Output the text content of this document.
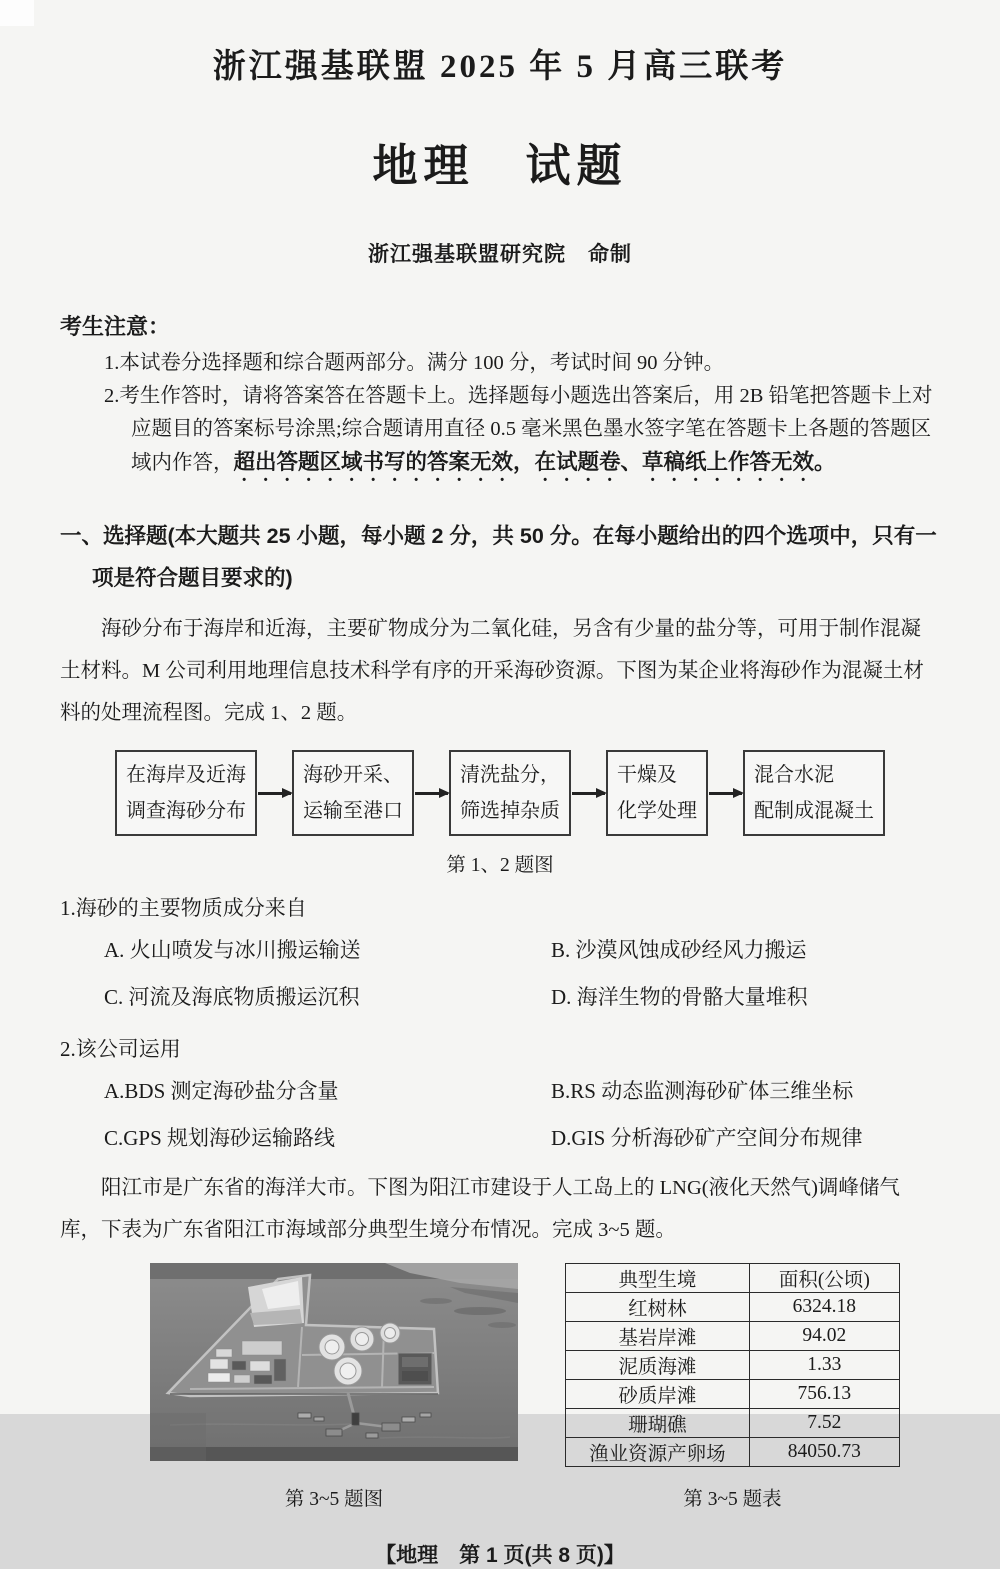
浙江强基联盟 2025 年 5 月高三联考
地理　试题
浙江强基联盟研究院　命制
考生注意：

1.本试卷分选择题和综合题两部分。满分 100 分，考试时间 90 分钟。

2.考生作答时，请将答案答在答题卡上。选择题每小题选出答案后，用 2B 铅笔把答题卡上对应题目的答案标号涂黑;综合题请用直径 0.5 毫米黑色墨水签字笔在答题卡上各题的答题区域内作答，超出答题区域书写的答案无效，在试题卷、草稿纸上作答无效。

一、选择题(本大题共 25 小题，每小题 2 分，共 50 分。在每小题给出的四个选项中，只有一项是符合题目要求的)

海砂分布于海岸和近海，主要矿物成分为二氧化硅，另含有少量的盐分等，可用于制作混凝土材料。M 公司利用地理信息技术科学有序的开采海砂资源。下图为某企业将海砂作为混凝土材料的处理流程图。完成 1、2 题。

在海岸及近海
调查海砂分布
海砂开采、
运输至港口
清洗盐分，
筛选掉杂质
干燥及
化学处理
混合水泥
配制成混凝土
第 1、2 题图
1.海砂的主要物质成分来自
A. 火山喷发与冰川搬运输送	B. 沙漠风蚀成砂经风力搬运
C. 河流及海底物质搬运沉积	D. 海洋生物的骨骼大量堆积
2.该公司运用
A.BDS 测定海砂盐分含量	B.RS 动态监测海砂矿体三维坐标
C.GPS 规划海砂运输路线	D.GIS 分析海砂矿产空间分布规律

阳江市是广东省的海洋大市。下图为阳江市建设于人工岛上的 LNG(液化天然气)调峰储气库，下表为广东省阳江市海域部分典型生境分布情况。完成 3~5 题。

典型生境	面积(公顷)
红树林	6324.18
基岩岸滩	94.02
泥质海滩	1.33
砂质岸滩	756.13
珊瑚礁	7.52
渔业资源产卵场	84050.73
第 3~5 题图	第 3~5 题表
【地理　第 1 页(共 8 页)】
